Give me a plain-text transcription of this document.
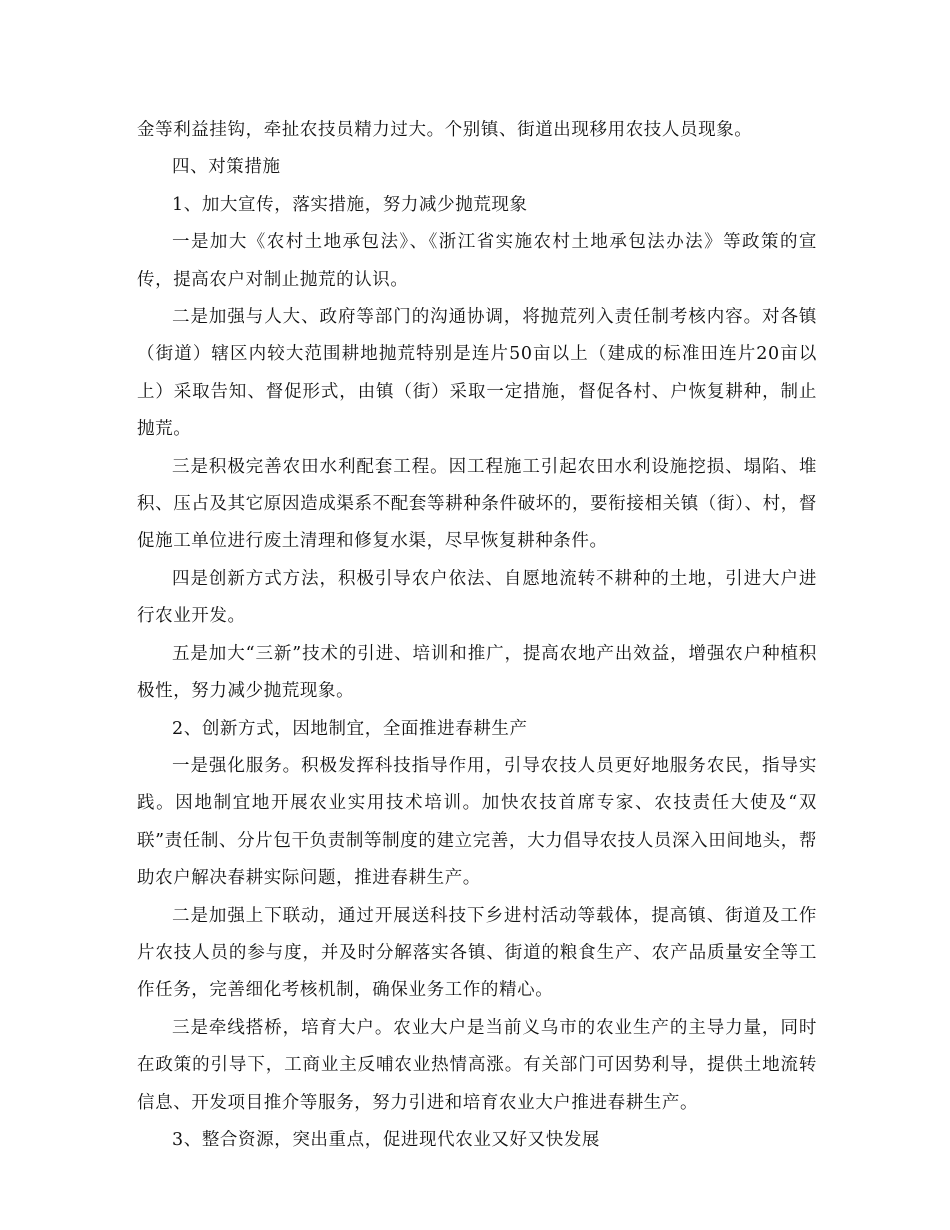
金等利益挂钩，牵扯农技员精力过大。个别镇、街道出现移用农技人员现象。

四、对策措施

1、加大宣传，落实措施，努力减少抛荒现象

一是加大《农村土地承包法》、《浙江省实施农村土地承包法办法》等政策的宣传，提高农户对制止抛荒的认识。

二是加强与人大、政府等部门的沟通协调，将抛荒列入责任制考核内容。对各镇（街道）辖区内较大范围耕地抛荒特别是连片50亩以上（建成的标准田连片20亩以上）采取告知、督促形式，由镇（街）采取一定措施，督促各村、户恢复耕种，制止抛荒。

三是积极完善农田水利配套工程。因工程施工引起农田水利设施挖损、塌陷、堆积、压占及其它原因造成渠系不配套等耕种条件破坏的，要衔接相关镇（街）、村，督促施工单位进行废土清理和修复水渠，尽早恢复耕种条件。

四是创新方式方法，积极引导农户依法、自愿地流转不耕种的土地，引进大户进行农业开发。

五是加大“三新”技术的引进、培训和推广，提高农地产出效益，增强农户种植积极性，努力减少抛荒现象。

2、创新方式，因地制宜，全面推进春耕生产

一是强化服务。积极发挥科技指导作用，引导农技人员更好地服务农民，指导实践。因地制宜地开展农业实用技术培训。加快农技首席专家、农技责任大使及“双联”责任制、分片包干负责制等制度的建立完善，大力倡导农技人员深入田间地头，帮助农户解决春耕实际问题，推进春耕生产。

二是加强上下联动，通过开展送科技下乡进村活动等载体，提高镇、街道及工作片农技人员的参与度，并及时分解落实各镇、街道的粮食生产、农产品质量安全等工作任务，完善细化考核机制，确保业务工作的精心。

三是牵线搭桥，培育大户。农业大户是当前义乌市的农业生产的主导力量，同时在政策的引导下，工商业主反哺农业热情高涨。有关部门可因势利导，提供土地流转信息、开发项目推介等服务，努力引进和培育农业大户推进春耕生产。

3、整合资源，突出重点，促进现代农业又好又快发展
